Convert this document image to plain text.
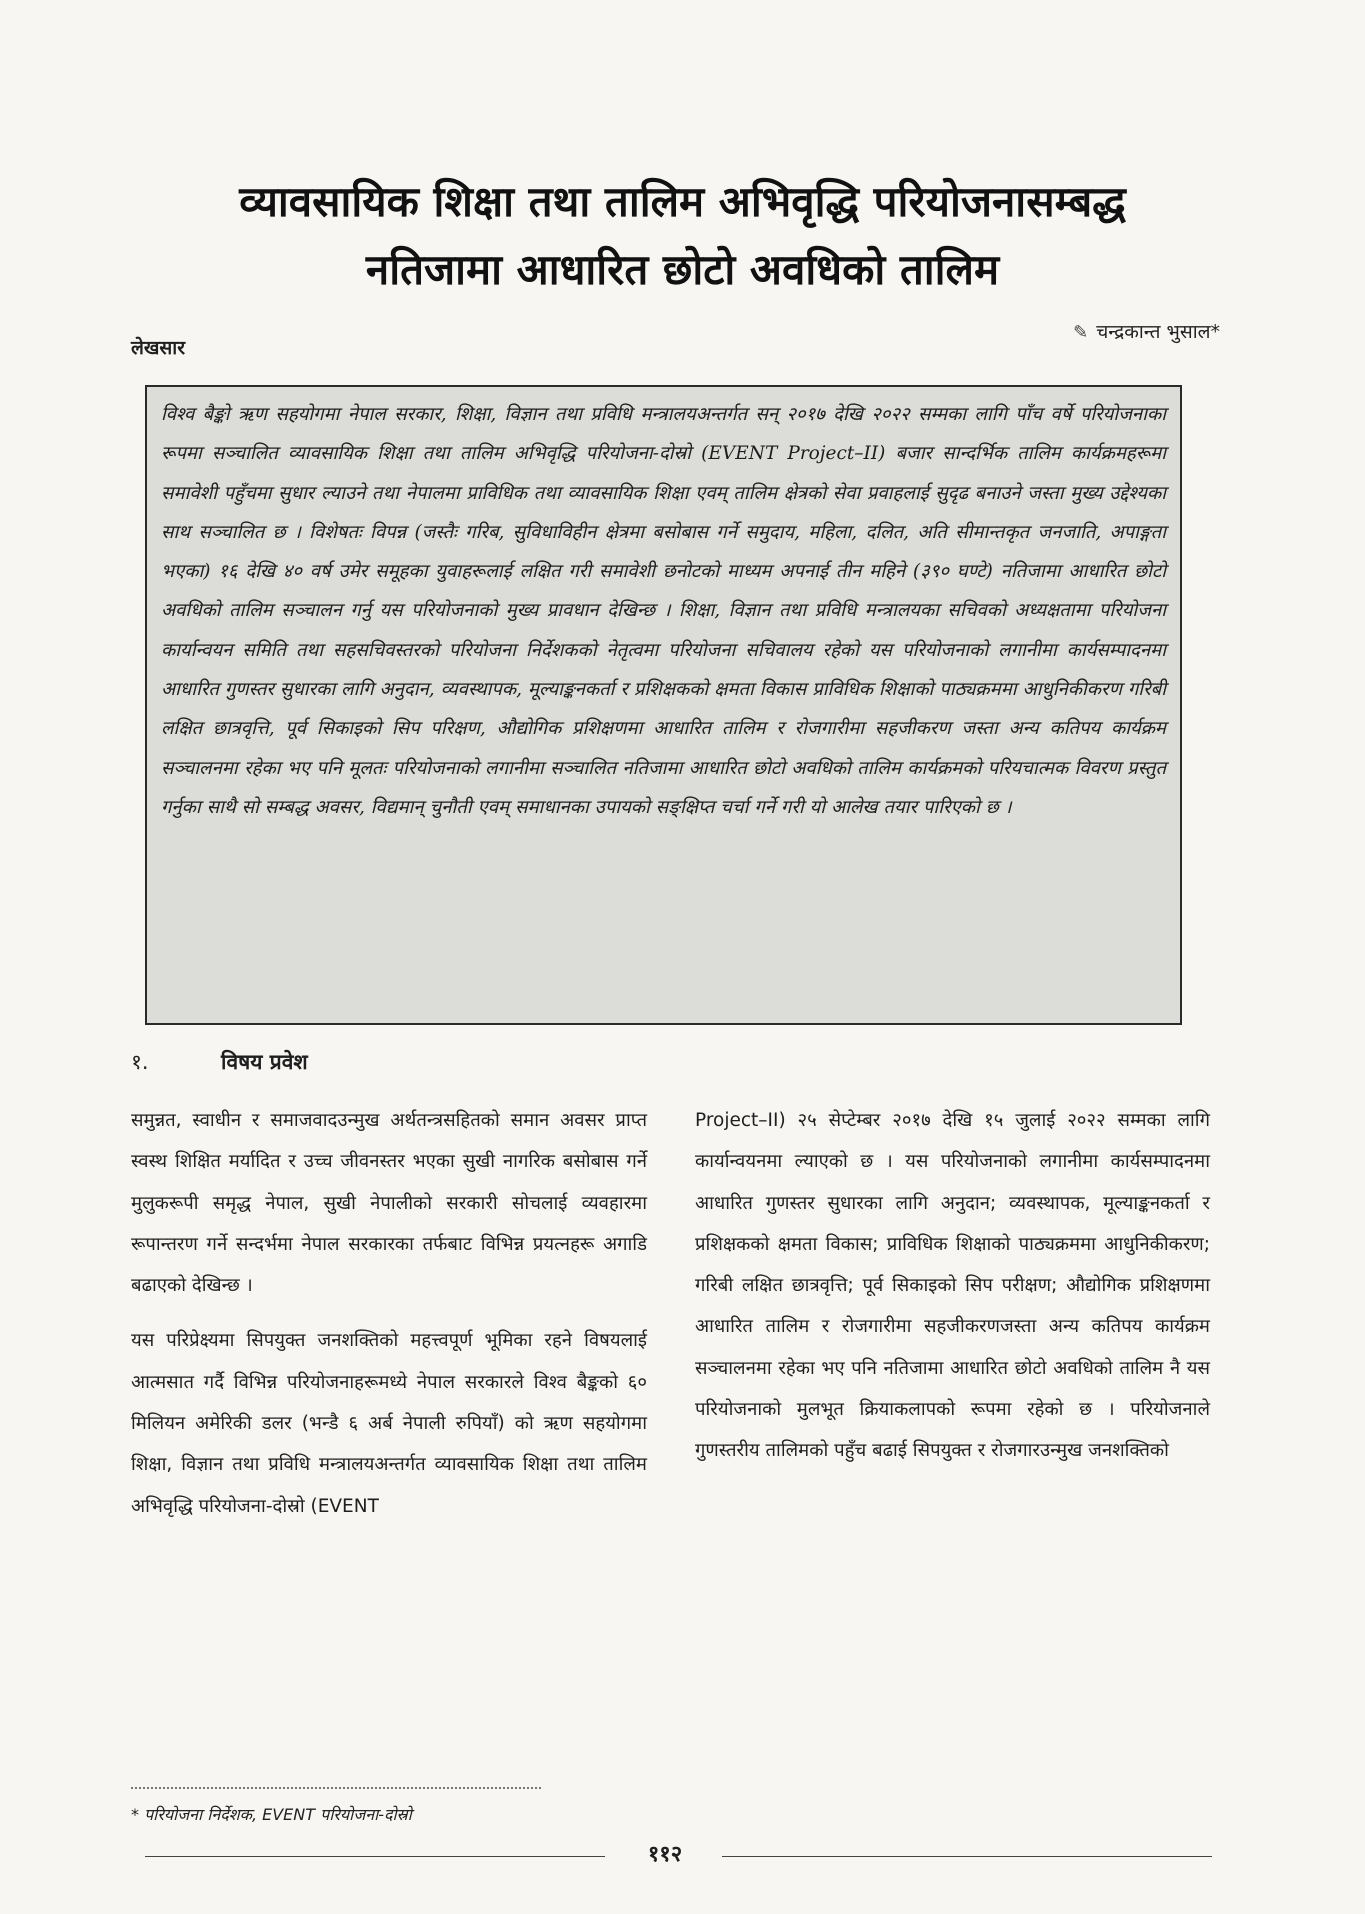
व्यावसायिक शिक्षा तथा तालिम अभिवृद्धि परियोजनासम्बद्ध
नतिजामा आधारित छोटो अवधिको तालिम
✎ चन्द्रकान्त भुसाल*
लेखसार
विश्व बैङ्को ऋण सहयोगमा नेपाल सरकार, शिक्षा, विज्ञान तथा प्रविधि मन्त्रालयअन्तर्गत सन् २०१७ देखि २०२२ सम्मका लागि पाँच वर्षे परियोजनाका रूपमा सञ्चालित व्यावसायिक शिक्षा तथा तालिम अभिवृद्धि परियोजना-दोस्रो (EVENT Project–II) बजार सान्दर्भिक तालिम कार्यक्रमहरूमा समावेशी पहुँचमा सुधार ल्याउने तथा नेपालमा प्राविधिक तथा व्यावसायिक शिक्षा एवम् तालिम क्षेत्रको सेवा प्रवाहलाई सुदृढ बनाउने जस्ता मुख्य उद्देश्यका साथ सञ्चालित छ । विशेषतः विपन्न (जस्तैः गरिब, सुविधाविहीन क्षेत्रमा बसोबास गर्ने समुदाय, महिला, दलित, अति सीमान्तकृत जनजाति, अपाङ्गता भएका) १६ देखि ४० वर्ष उमेर समूहका युवाहरूलाई लक्षित गरी समावेशी छनोटको माध्यम अपनाई तीन महिने (३९० घण्टे) नतिजामा आधारित छोटो अवधिको तालिम सञ्चालन गर्नु यस परियोजनाको मुख्य प्रावधान देखिन्छ । शिक्षा, विज्ञान तथा प्रविधि मन्त्रालयका सचिवको अध्यक्षतामा परियोजना कार्यान्वयन समिति तथा सहसचिवस्तरको परियोजना निर्देशकको नेतृत्वमा परियोजना सचिवालय रहेको यस परियोजनाको लगानीमा कार्यसम्पादनमा आधारित गुणस्तर सुधारका लागि अनुदान, व्यवस्थापक, मूल्याङ्कनकर्ता र प्रशिक्षकको क्षमता विकास प्राविधिक शिक्षाको पाठ्यक्रममा आधुनिकीकरण गरिबी लक्षित छात्रवृत्ति, पूर्व सिकाइको सिप परिक्षण, औद्योगिक प्रशिक्षणमा आधारित तालिम र रोजगारीमा सहजीकरण जस्ता अन्य कतिपय कार्यक्रम सञ्चालनमा रहेका भए पनि मूलतः परियोजनाको लगानीमा सञ्चालित नतिजामा आधारित छोटो अवधिको तालिम कार्यक्रमको परियचात्मक विवरण प्रस्तुत गर्नुका साथै सो सम्बद्ध अवसर, विद्यमान् चुनौती एवम् समाधानका उपायको सङ्क्षिप्त चर्चा गर्ने गरी यो आलेख तयार पारिएको छ ।
१.	विषय प्रवेश

समुन्नत, स्वाधीन र समाजवादउन्मुख अर्थतन्त्रसहितको समान अवसर प्राप्त स्वस्थ शिक्षित मर्यादित र उच्च जीवनस्तर भएका सुखी नागरिक बसोबास गर्ने मुलुकरूपी समृद्ध नेपाल, सुखी नेपालीको सरकारी सोचलाई व्यवहारमा रूपान्तरण गर्ने सन्दर्भमा नेपाल सरकारका तर्फबाट विभिन्न प्रयत्नहरू अगाडि बढाएको देखिन्छ ।

यस परिप्रेक्ष्यमा सिपयुक्त जनशक्तिको महत्त्वपूर्ण भूमिका रहने विषयलाई आत्मसात गर्दै विभिन्न परियोजनाहरूमध्ये नेपाल सरकारले विश्व बैङ्कको ६० मिलियन अमेरिकी डलर (भन्डै ६ अर्ब नेपाली रुपियाँ) को ऋण सहयोगमा शिक्षा, विज्ञान तथा प्रविधि मन्त्रालयअन्तर्गत व्यावसायिक शिक्षा तथा तालिम अभिवृद्धि परियोजना-दोस्रो (EVENT

Project–II) २५ सेप्टेम्बर २०१७ देखि १५ जुलाई २०२२ सम्मका लागि कार्यान्वयनमा ल्याएको छ । यस परियोजनाको लगानीमा कार्यसम्पादनमा आधारित गुणस्तर सुधारका लागि अनुदान; व्यवस्थापक, मूल्याङ्कनकर्ता र प्रशिक्षकको क्षमता विकास; प्राविधिक शिक्षाको पाठ्यक्रममा आधुनिकीकरण; गरिबी लक्षित छात्रवृत्ति; पूर्व सिकाइको सिप परीक्षण; औद्योगिक प्रशिक्षणमा आधारित तालिम र रोजगारीमा सहजीकरणजस्ता अन्य कतिपय कार्यक्रम सञ्चालनमा रहेका भए पनि नतिजामा आधारित छोटो अवधिको तालिम नै यस परियोजनाको मुलभूत क्रियाकलापको रूपमा रहेको छ । परियोजनाले गुणस्तरीय तालिमको पहुँच बढाई सिपयुक्त र रोजगारउन्मुख जनशक्तिको

* परियोजना निर्देशक, EVENT परियोजना-दोस्रो
११२
